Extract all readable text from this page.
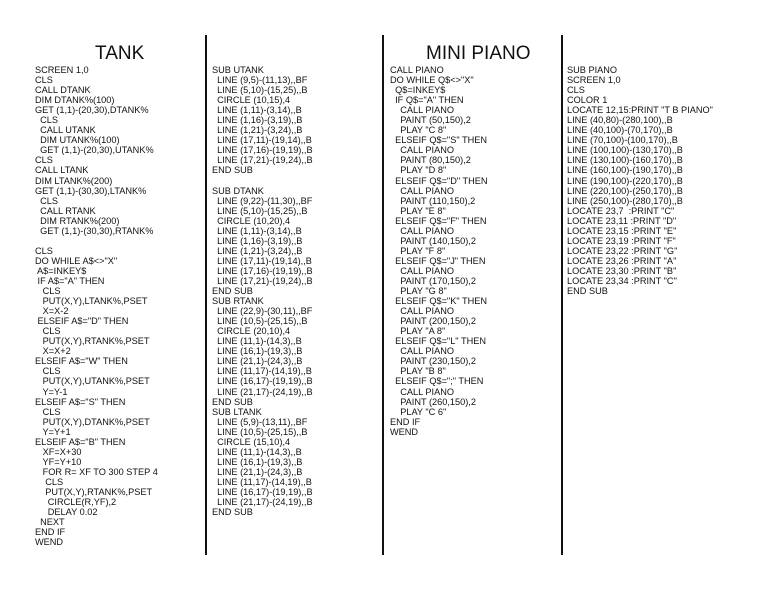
TANK	MINI PIANO
SCREEN 1,0
CLS
CALL DTANK
DIM DTANK%(100)
GET (1,1)-(20,30),DTANK%
CLS
CALL UTANK
DIM UTANK%(100)
GET (1,1)-(20,30),UTANK%
CLS
CALL LTANK
DIM LTANK%(200)
GET (1,1)-(30,30),LTANK%
CLS
CALL RTANK
DIM RTANK%(200)
GET (1,1)-(30,30),RTANK%
CLS
DO WHILE A$<>"X"
A$=INKEY$
IF A$="A" THEN
CLS
PUT(X,Y),LTANK%,PSET
X=X-2
ELSEIF A$="D" THEN
CLS
PUT(X,Y),RTANK%,PSET
X=X+2
ELSEIF A$="W" THEN
CLS
PUT(X,Y),UTANK%,PSET
Y=Y-1
ELSEIF A$="S" THEN
CLS
PUT(X,Y),DTANK%,PSET
Y=Y+1
ELSEIF A$="B" THEN
XF=X+30
YF=Y+10
FOR R= XF TO 300 STEP 4
CLS
PUT(X,Y),RTANK%,PSET
CIRCLE(R,YF),2
DELAY 0.02
NEXT
END IF
WEND
SUB UTANK
LINE (9,5)-(11,13),,BF
LINE (5,10)-(15,25),,B
CIRCLE (10,15),4
LINE (1,11)-(3,14),,B
LINE (1,16)-(3,19),,B
LINE (1,21)-(3,24),,B
LINE (17,11)-(19,14),,B
LINE (17,16)-(19,19),,B
LINE (17,21)-(19,24),,B
END SUB
SUB DTANK
LINE (9,22)-(11,30),,BF
LINE (5,10)-(15,25),,B
CIRCLE (10,20),4
LINE (1,11)-(3,14),,B
LINE (1,16)-(3,19),,B
LINE (1,21)-(3,24),,B
LINE (17,11)-(19,14),,B
LINE (17,16)-(19,19),,B
LINE (17,21)-(19,24),,B
END SUB
SUB RTANK
LINE (22,9)-(30,11),,BF
LINE (10,5)-(25,15),,B
CIRCLE (20,10),4
LINE (11,1)-(14,3),,B
LINE (16,1)-(19,3),,B
LINE (21,1)-(24,3),,B
LINE (11,17)-(14,19),,B
LINE (16,17)-(19,19),,B
LINE (21,17)-(24,19),,B
END SUB
SUB LTANK
LINE (5,9)-(13,11),,BF
LINE (10,5)-(25,15),,B
CIRCLE (15,10),4
LINE (11,1)-(14,3),,B
LINE (16,1)-(19,3),,B
LINE (21,1)-(24,3),,B
LINE (11,17)-(14,19),,B
LINE (16,17)-(19,19),,B
LINE (21,17)-(24,19),,B
END SUB
CALL PIANO
DO WHILE Q$<>"X"
Q$=INKEY$
IF Q$="A" THEN
CALL PIANO
PAINT (50,150),2
PLAY "C 8"
ELSEIF Q$="S" THEN
CALL PIANO
PAINT (80,150),2
PLAY "D 8"
ELSEIF Q$="D" THEN
CALL PIANO
PAINT (110,150),2
PLAY "E 8"
ELSEIF Q$="F" THEN
CALL PIANO
PAINT (140,150),2
PLAY "F 8"
ELSEIF Q$="J" THEN
CALL PIANO
PAINT (170,150),2
PLAY "G 8"
ELSEIF Q$="K" THEN
CALL PIANO
PAINT (200,150),2
PLAY "A 8"
ELSEIF Q$="L" THEN
CALL PIANO
PAINT (230,150),2
PLAY "B 8"
ELSEIF Q$=";" THEN
CALL PIANO
PAINT (260,150),2
PLAY "C 6"
END IF
WEND
SUB PIANO
SCREEN 1,0
CLS
COLOR 1
LOCATE 12,15:PRINT "T B PIANO"
LINE (40,80)-(280,100),,B
LINE (40,100)-(70,170),,B
LINE (70,100)-(100,170),,B
LINE (100,100)-(130,170),,B
LINE (130,100)-(160,170),,B
LINE (160,100)-(190,170),,B
LINE (190,100)-(220,170),,B
LINE (220,100)-(250,170),,B
LINE (250,100)-(280,170),,B
LOCATE 23,7  :PRINT "C"
LOCATE 23,11 :PRINT "D"
LOCATE 23,15 :PRINT "E"
LOCATE 23,19 :PRINT "F"
LOCATE 23,22 :PRINT "G"
LOCATE 23,26 :PRINT "A"
LOCATE 23,30 :PRINT "B"
LOCATE 23,34 :PRINT "C"
END SUB
